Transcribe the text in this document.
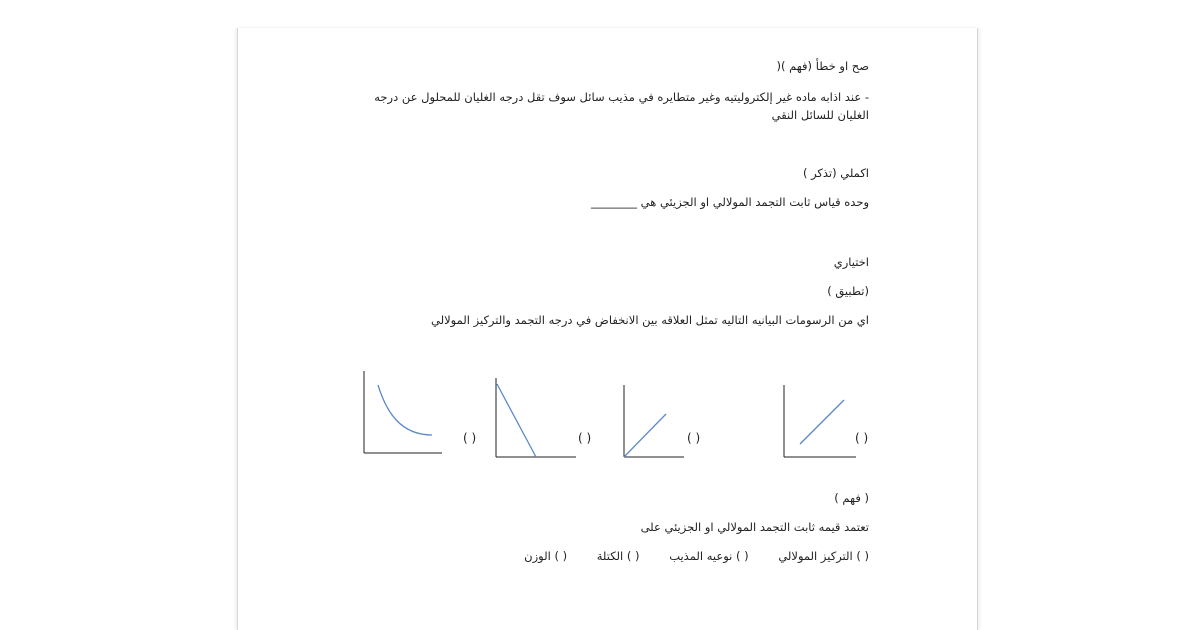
صح او خطأ (فهم )(
- عند اذابه ماده غير إلكتروليتيه وغير متطايره في مذيب سائل سوف تقل درجه الغليان للمحلول عن درجه الغليان للسائل النقي
اكملي (تذكر )
وحده قياس ثابت التجمد المولالي او الجزيئي هي ________
اختياري
(تطبيق )
اي من الرسومات البيانيه التاليه تمثل العلاقه بين الانخفاض في درجه التجمد والتركيز المولالي
( )
( )
( )
( )
( فهم )
تعتمد قيمه ثابت التجمد المولالي او الجزيئي على
( ) التركيز المولالي ( ) نوعيه المذيب ( ) الكتلة ( ) الوزن
